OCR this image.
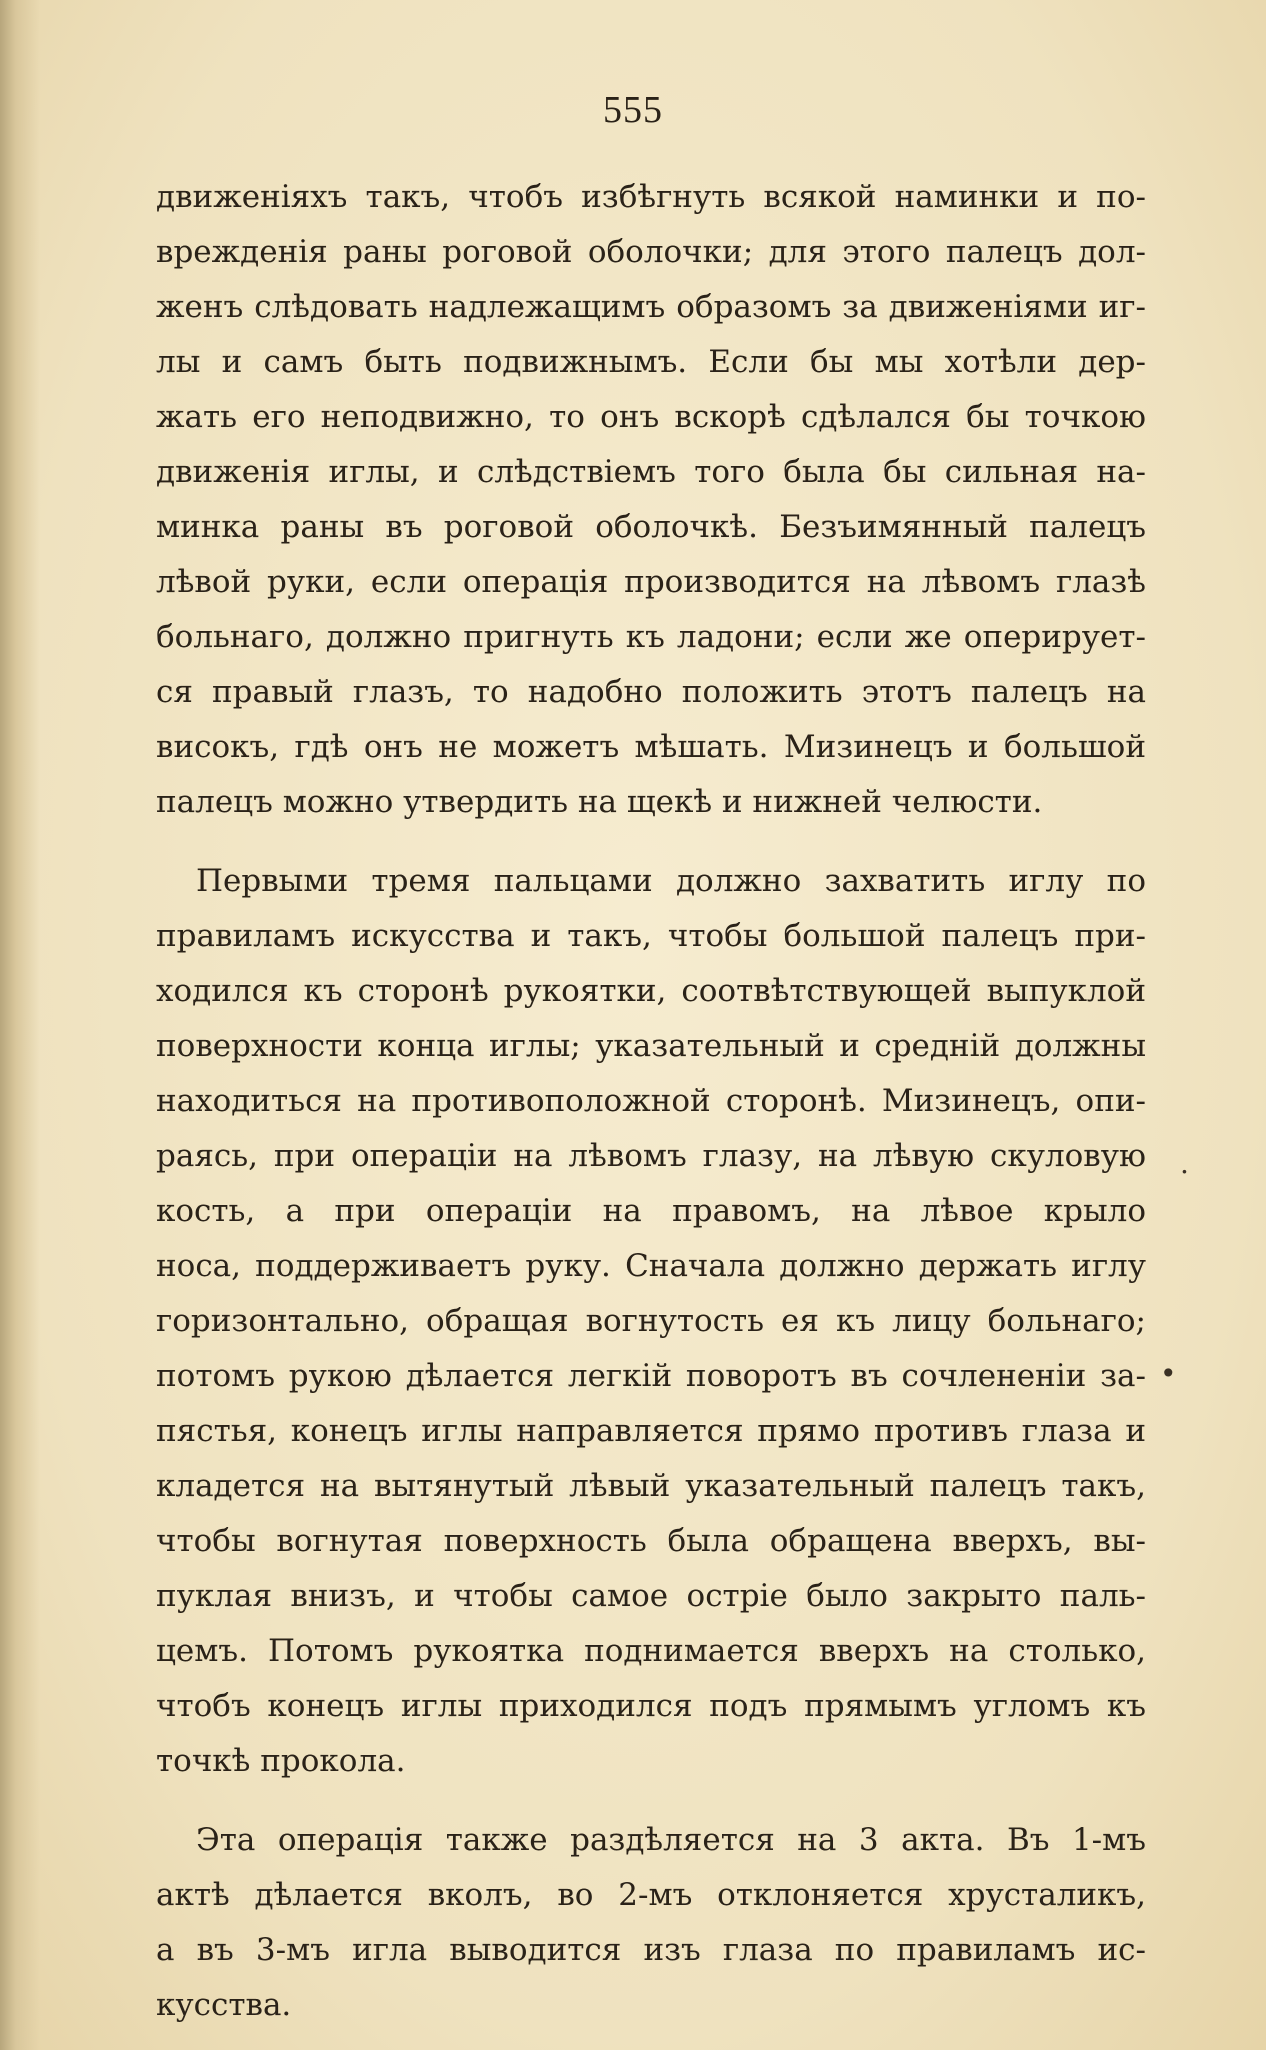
555

движеніяхъ такъ, чтобъ избѣгнуть всякой наминки и по-
врежденія раны роговой оболочки; для этого палецъ дол-
женъ слѣдовать надлежащимъ образомъ за движеніями иг-
лы и самъ быть подвижнымъ. Если бы мы хотѣли дер-
жать его неподвижно, то онъ вскорѣ сдѣлался бы точкою
движенія иглы, и слѣдствіемъ того была бы сильная на-
минка раны въ роговой оболочкѣ. Безъимянный палецъ
лѣвой руки, если операція производится на лѣвомъ глазѣ
больнаго, должно пригнуть къ ладони; если же оперирует-
ся правый глазъ, то надобно положить этотъ палецъ на
високъ, гдѣ онъ не можетъ мѣшать. Мизинецъ и большой
палецъ можно утвердить на щекѣ и нижней челюсти.

Первыми тремя пальцами должно захватить иглу по
правиламъ искусства и такъ, чтобы большой палецъ при-
ходился къ сторонѣ рукоятки, соотвѣтствующей выпуклой
поверхности конца иглы; указательный и среднiй должны
находиться на противоположной сторонѣ. Мизинецъ, опи-
раясь, при операціи на лѣвомъ глазу, на лѣвую скуловую
кость, а при операціи на правомъ, на лѣвое крыло
носа, поддерживаетъ руку. Сначала должно держать иглу
горизонтально, обращая вогнутость ея къ лицу больнаго;
потомъ рукою дѣлается легкій поворотъ въ сочлененіи за-
пястья, конецъ иглы направляется прямо противъ глаза и
кладется на вытянутый лѣвый указательный палецъ такъ,
чтобы вогнутая поверхность была обращена вверхъ, вы-
пуклая внизъ, и чтобы самое остріе было закрыто паль-
цемъ. Потомъ рукоятка поднимается вверхъ на столько,
чтобъ конецъ иглы приходился подъ прямымъ угломъ къ
точкѣ прокола.

Эта операція также раздѣляется на 3 акта. Въ 1-мъ
актѣ дѣлается вколъ, во 2-мъ отклоняется хрусталикъ,
а въ 3-мъ игла выводится изъ глаза по правиламъ ис-
кусства.

.
•
